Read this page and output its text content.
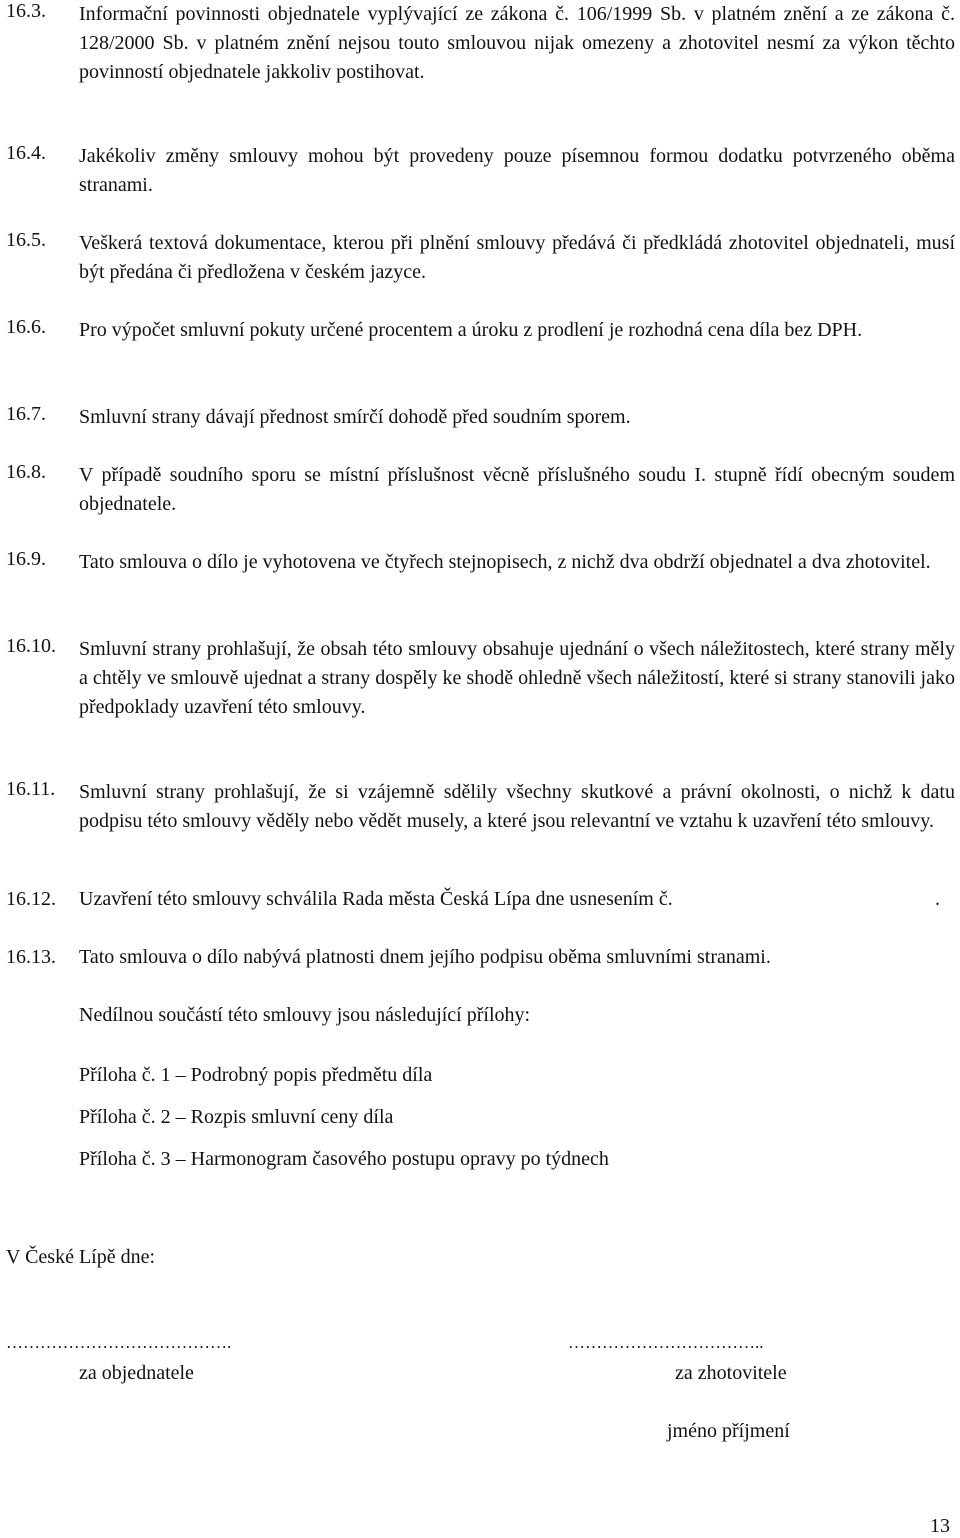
16.3. Informační povinnosti objednatele vyplývající ze zákona č. 106/1999 Sb. v platném znění a ze zákona č. 128/2000 Sb. v platném znění nejsou touto smlouvou nijak omezeny a zhotovitel nesmí za výkon těchto povinností objednatele jakkoliv postihovat.
16.4. Jakékoliv změny smlouvy mohou být provedeny pouze písemnou formou dodatku potvrzeného oběma stranami.
16.5. Veškerá textová dokumentace, kterou při plnění smlouvy předává či předkládá zhotovitel objednateli, musí být předána či předložena v českém jazyce.
16.6. Pro výpočet smluvní pokuty určené procentem a úroku z prodlení je rozhodná cena díla bez DPH.
16.7. Smluvní strany dávají přednost smírčí dohodě před soudním sporem.
16.8. V případě soudního sporu se místní příslušnost věcně příslušného soudu I. stupně řídí obecným soudem objednatele.
16.9. Tato smlouva o dílo je vyhotovena ve čtyřech stejnopisech, z nichž dva obdrží objednatel a dva zhotovitel.
16.10. Smluvní strany prohlašují, že obsah této smlouvy obsahuje ujednání o všech náležitostech, které strany měly a chtěly ve smlouvě ujednat a strany dospěly ke shodě ohledně všech náležitostí, které si strany stanovili jako předpoklady uzavření této smlouvy.
16.11. Smluvní strany prohlašují, že si vzájemně sdělily všechny skutkové a právní okolnosti, o nichž k datu podpisu této smlouvy věděly nebo vědět musely, a které jsou relevantní ve vztahu k uzavření této smlouvy.
16.12. Uzavření této smlouvy schválila Rada města Česká Lípa dne usnesením č.	.
16.13. Tato smlouva o dílo nabývá platnosti dnem jejího podpisu oběma smluvními stranami.
Nedílnou součástí této smlouvy jsou následující přílohy:
Příloha č. 1 – Podrobný popis předmětu díla
Příloha č. 2 – Rozpis smluvní ceny díla
Příloha č. 3 – Harmonogram časového postupu opravy po týdnech
V České Lípě dne:
………………………………….	……………………………..
za objednatele	za zhotovitele
jméno příjmení
13
